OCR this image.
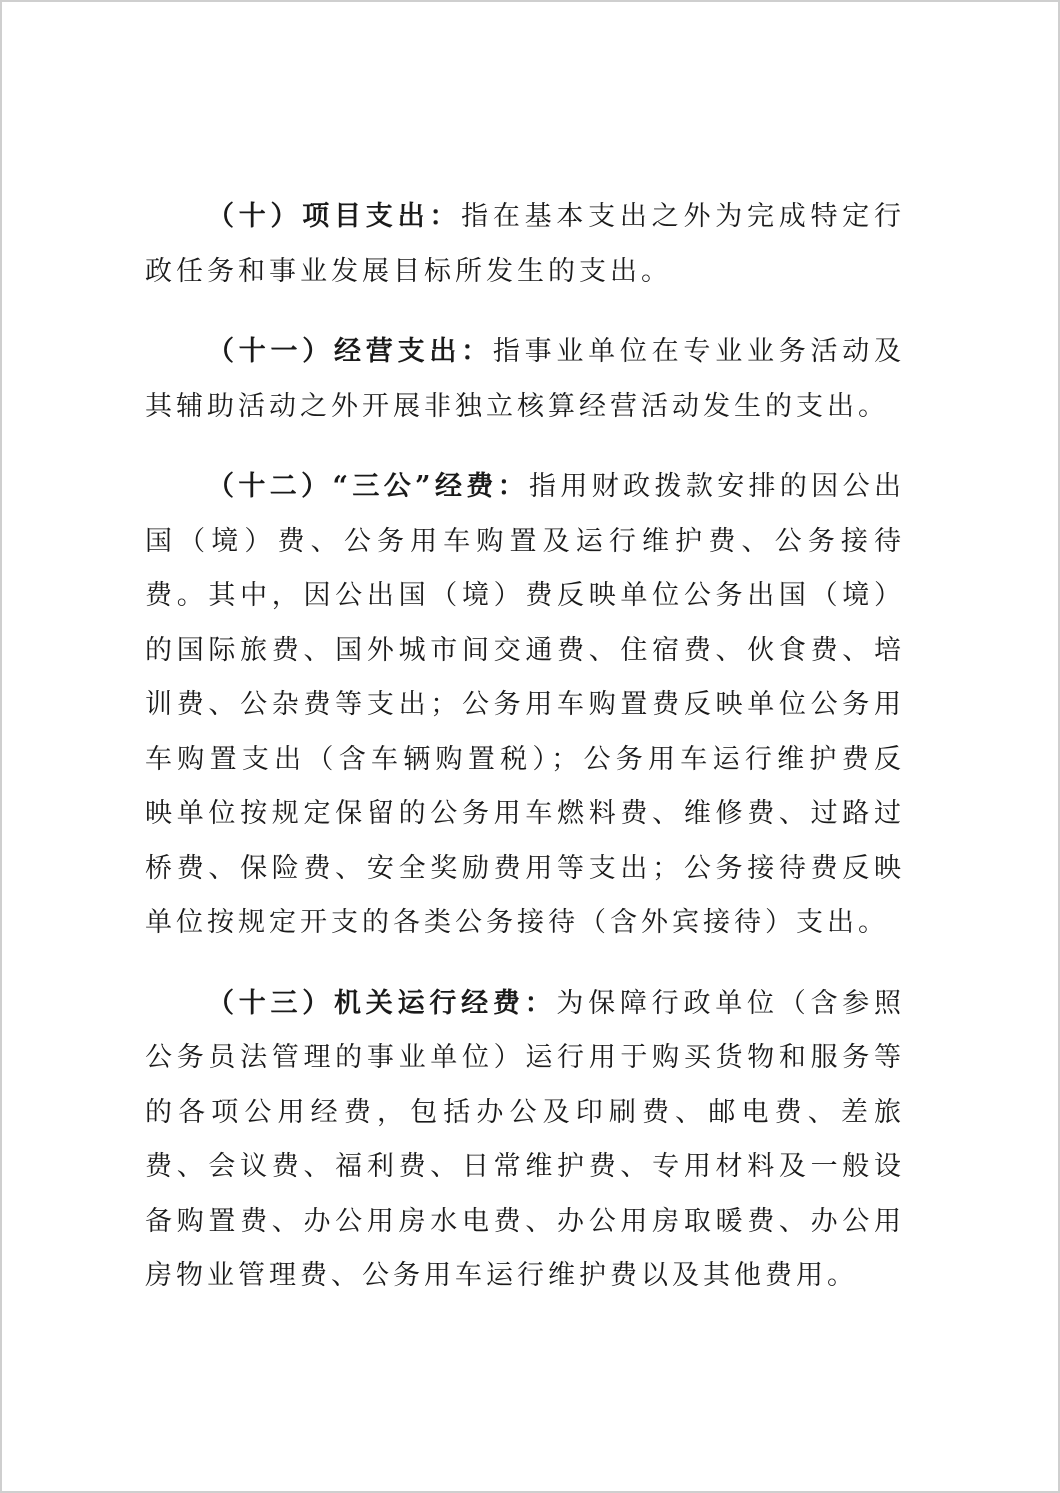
（十）项目支出：指在基本支出之外为完成特定行政任务和事业发展目标所发生的支出。

（十一）经营支出：指事业单位在专业业务活动及其辅助活动之外开展非独立核算经营活动发生的支出。

（十二）“三公”经费：指用财政拨款安排的因公出国（境）费、公务用车购置及运行维护费、公务接待费。其中，因公出国（境）费反映单位公务出国（境）的国际旅费、国外城市间交通费、住宿费、伙食费、培训费、公杂费等支出；公务用车购置费反映单位公务用车购置支出（含车辆购置税）；公务用车运行维护费反映单位按规定保留的公务用车燃料费、维修费、过路过桥费、保险费、安全奖励费用等支出；公务接待费反映单位按规定开支的各类公务接待（含外宾接待）支出。

（十三）机关运行经费：为保障行政单位（含参照公务员法管理的事业单位）运行用于购买货物和服务等的各项公用经费，包括办公及印刷费、邮电费、差旅费、会议费、福利费、日常维护费、专用材料及一般设备购置费、办公用房水电费、办公用房取暖费、办公用房物业管理费、公务用车运行维护费以及其他费用。
